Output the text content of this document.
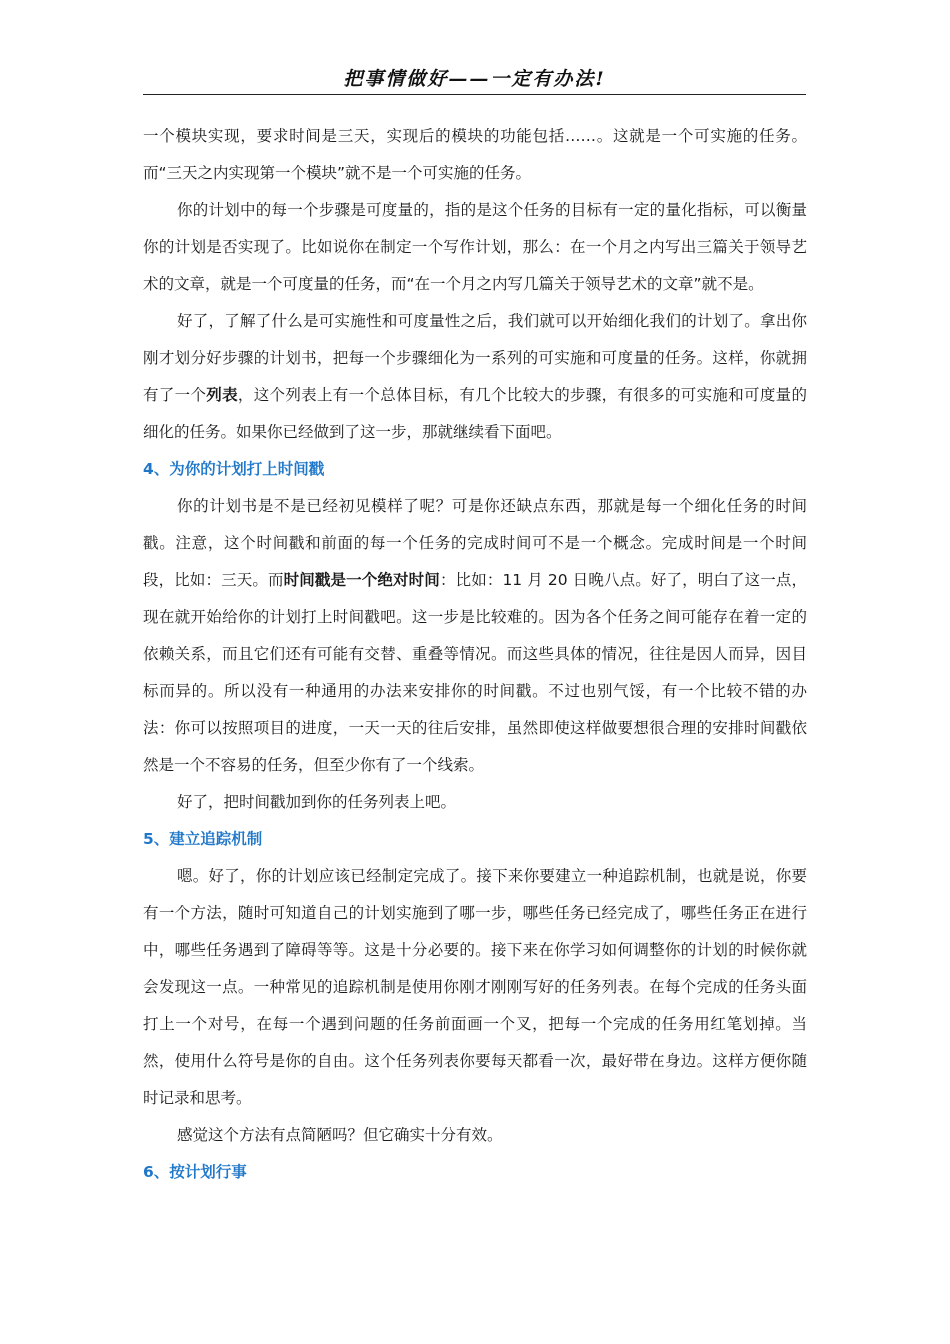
把事情做好——一定有办法!

一个模块实现，要求时间是三天，实现后的模块的功能包括……。这就是一个可实施的任务。而“三天之内实现第一个模块”就不是一个可实施的任务。

你的计划中的每一个步骤是可度量的，指的是这个任务的目标有一定的量化指标，可以衡量你的计划是否实现了。比如说你在制定一个写作计划，那么：在一个月之内写出三篇关于领导艺术的文章，就是一个可度量的任务，而“在一个月之内写几篇关于领导艺术的文章”就不是。

好了，了解了什么是可实施性和可度量性之后，我们就可以开始细化我们的计划了。拿出你刚才划分好步骤的计划书，把每一个步骤细化为一系列的可实施和可度量的任务。这样，你就拥有了一个列表，这个列表上有一个总体目标，有几个比较大的步骤，有很多的可实施和可度量的细化的任务。如果你已经做到了这一步，那就继续看下面吧。

4、为你的计划打上时间戳

你的计划书是不是已经初见模样了呢？可是你还缺点东西，那就是每一个细化任务的时间戳。注意，这个时间戳和前面的每一个任务的完成时间可不是一个概念。完成时间是一个时间段，比如：三天。而时间戳是一个绝对时间：比如：11 月 20 日晚八点。好了，明白了这一点，现在就开始给你的计划打上时间戳吧。这一步是比较难的。因为各个任务之间可能存在着一定的依赖关系，而且它们还有可能有交替、重叠等情况。而这些具体的情况，往往是因人而异，因目标而异的。所以没有一种通用的办法来安排你的时间戳。不过也别气馁，有一个比较不错的办法：你可以按照项目的进度，一天一天的往后安排，虽然即使这样做要想很合理的安排时间戳依然是一个不容易的任务，但至少你有了一个线索。

好了，把时间戳加到你的任务列表上吧。

5、建立追踪机制

嗯。好了，你的计划应该已经制定完成了。接下来你要建立一种追踪机制，也就是说，你要有一个方法，随时可知道自己的计划实施到了哪一步，哪些任务已经完成了，哪些任务正在进行中，哪些任务遇到了障碍等等。这是十分必要的。接下来在你学习如何调整你的计划的时候你就会发现这一点。一种常见的追踪机制是使用你刚才刚刚写好的任务列表。在每个完成的任务头面打上一个对号，在每一个遇到问题的任务前面画一个叉，把每一个完成的任务用红笔划掉。当然，使用什么符号是你的自由。这个任务列表你要每天都看一次，最好带在身边。这样方便你随时记录和思考。

感觉这个方法有点简陋吗？但它确实十分有效。

6、按计划行事
